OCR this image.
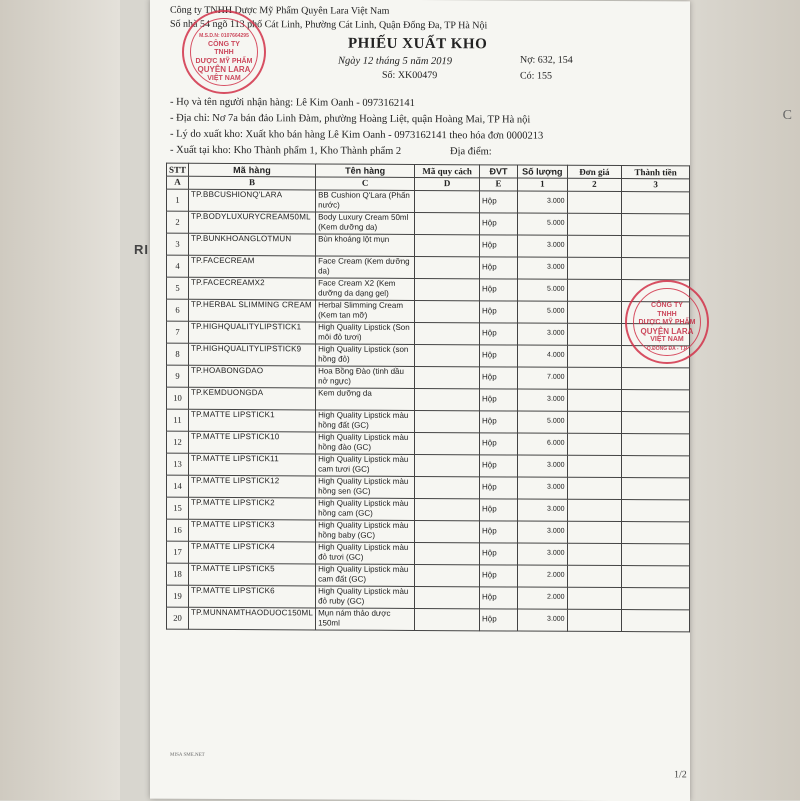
RI
C
Công ty TNHH Dược Mỹ Phẩm Quyên Lara Việt Nam
Số nhà 54 ngõ 113 phố Cát Linh, Phường Cát Linh, Quận Đống Đa, TP Hà Nội
PHIẾU XUẤT KHO
Ngày 12 tháng 5 năm 2019
Số: XK00479
Nợ: 632, 154
Có: 155
- Họ và tên người nhận hàng: Lê Kim Oanh - 0973162141
- Địa chỉ: Nơ 7a bán đảo Linh Đàm, phường Hoàng Liệt, quận Hoàng Mai, TP Hà nội
- Lý do xuất kho: Xuất kho bán hàng Lê Kim Oanh - 0973162141 theo hóa đơn 0000213
- Xuất tại kho: Kho Thành phẩm 1, Kho Thành phẩm 2	Địa điểm:
STT	Mã hàng	Tên hàng	Mã quy cách	ĐVT	Số lượng	Đơn giá	Thành tiền
A	B	C	D	E	1	2	3
1	TP.BBCUSHIONQ'LARA	BB Cushion Q'Lara (Phấn nước)		Hộp	3.000		
2	TP.BODYLUXURYCREAM50ML	Body Luxury Cream 50ml (Kem dưỡng da)		Hộp	5.000		
3	TP.BUNKHOANGLOTMUN	Bùn khoáng lột mụn		Hộp	3.000		
4	TP.FACECREAM	Face Cream (Kem dưỡng da)		Hộp	3.000		
5	TP.FACECREAMX2	Face Cream X2 (Kem dưỡng da dạng gel)		Hộp	5.000		
6	TP.HERBAL SLIMMING CREAM	Herbal Slimming Cream (Kem tan mỡ)		Hộp	5.000		
7	TP.HIGHQUALITYLIPSTICK1	High Quality Lipstick (Son môi đỏ tươi)		Hộp	3.000		
8	TP.HIGHQUALITYLIPSTICK9	High Quality Lipstick (son hồng đỏ)		Hộp	4.000		
9	TP.HOABONGDAO	Hoa Bồng Đào (tinh dầu nở ngực)		Hộp	7.000		
10	TP.KEMDUONGDA	Kem dưỡng da		Hộp	3.000		
11	TP.MATTE LIPSTICK1	High Quality Lipstick màu hồng đất (GC)		Hộp	5.000		
12	TP.MATTE LIPSTICK10	High Quality Lipstick màu hồng đào (GC)		Hộp	6.000		
13	TP.MATTE LIPSTICK11	High Quality Lipstick màu cam tươi (GC)		Hộp	3.000		
14	TP.MATTE LIPSTICK12	High Quality Lipstick màu hồng sen (GC)		Hộp	3.000		
15	TP.MATTE LIPSTICK2	High Quality Lipstick màu hồng cam (GC)		Hộp	3.000		
16	TP.MATTE LIPSTICK3	High Quality Lipstick màu hồng baby (GC)		Hộp	3.000		
17	TP.MATTE LIPSTICK4	High Quality Lipstick màu đỏ tươi (GC)		Hộp	3.000		
18	TP.MATTE LIPSTICK5	High Quality Lipstick màu cam đất (GC)		Hộp	2.000		
19	TP.MATTE LIPSTICK6	High Quality Lipstick màu đỏ ruby (GC)		Hộp	2.000		
20	TP.MUNNAMTHAODUOC150ML	Mụn nám thảo dược 150ml		Hộp	3.000		
MISA SME.NET
1/2
M.S.D.N: 0107664295
CÔNG TY
TNHH
DƯỢC MỸ PHẨM
QUYÊN LARA
VIỆT NAM
CÔNG TY
TNHH
DƯỢC MỸ PHẨM
QUYÊN LARA
VIỆT NAM
Q.ĐỐNG ĐA - T.P
